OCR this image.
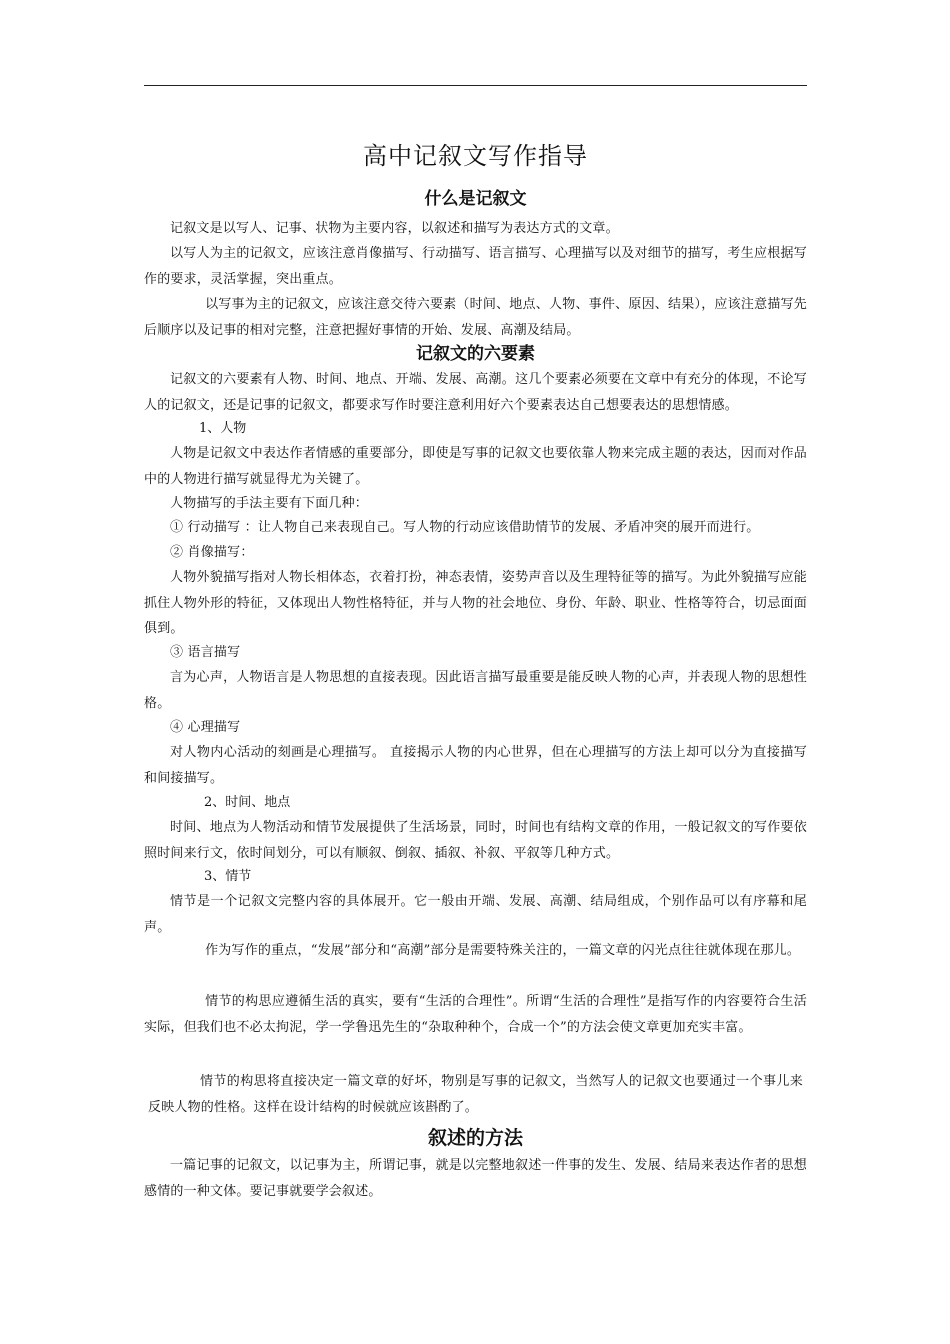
高中记叙文写作指导
什么是记叙文
记叙文是以写人、记事、状物为主要内容，以叙述和描写为表达方式的文章。
以写人为主的记叙文，应该注意肖像描写、行动描写、语言描写、心理描写以及对细节的描写，考生应根据写作的要求，灵活掌握，突出重点。
以写事为主的记叙文，应该注意交待六要素（时间、地点、人物、事件、原因、结果），应该注意描写先后顺序以及记事的相对完整，注意把握好事情的开始、发展、高潮及结局。
记叙文的六要素
记叙文的六要素有人物、时间、地点、开端、发展、高潮。这几个要素必须要在文章中有充分的体现，不论写人的记叙文，还是记事的记叙文，都要求写作时要注意利用好六个要素表达自己想要表达的思想情感。
1、人物
人物是记叙文中表达作者情感的重要部分，即使是写事的记叙文也要依靠人物来完成主题的表达，因而对作品中的人物进行描写就显得尤为关键了。
人物描写的手法主要有下面几种：
① 行动描写 ：让人物自己来表现自己。写人物的行动应该借助情节的发展、矛盾冲突的展开而进行。
② 肖像描写：
人物外貌描写指对人物长相体态，衣着打扮，神态表情，姿势声音以及生理特征等的描写。为此外貌描写应能抓住人物外形的特征，又体现出人物性格特征，并与人物的社会地位、身份、年龄、职业、性格等符合，切忌面面俱到。
③ 语言描写
言为心声，人物语言是人物思想的直接表现。因此语言描写最重要是能反映人物的心声，并表现人物的思想性格。
④ 心理描写
对人物内心活动的刻画是心理描写。 直接揭示人物的内心世界，但在心理描写的方法上却可以分为直接描写和间接描写。
2、时间、地点
时间、地点为人物活动和情节发展提供了生活场景，同时，时间也有结构文章的作用，一般记叙文的写作要依照时间来行文，依时间划分，可以有顺叙、倒叙、插叙、补叙、平叙等几种方式。
3、情节
情节是一个记叙文完整内容的具体展开。它一般由开端、发展、高潮、结局组成，个别作品可以有序幕和尾声。
作为写作的重点，“发展”部分和“高潮”部分是需要特殊关注的，一篇文章的闪光点往往就体现在那儿。
情节的构思应遵循生活的真实，要有“生活的合理性”。所谓“生活的合理性”是指写作的内容要符合生活实际，但我们也不必太拘泥，学一学鲁迅先生的“杂取种种个，合成一个”的方法会使文章更加充实丰富。
情节的构思将直接决定一篇文章的好坏，物别是写事的记叙文，当然写人的记叙文也要通过一个事儿来反映人物的性格。这样在设计结构的时候就应该斟酌了。
叙述的方法
一篇记事的记叙文，以记事为主，所谓记事，就是以完整地叙述一件事的发生、发展、结局来表达作者的思想感情的一种文体。要记事就要学会叙述。
